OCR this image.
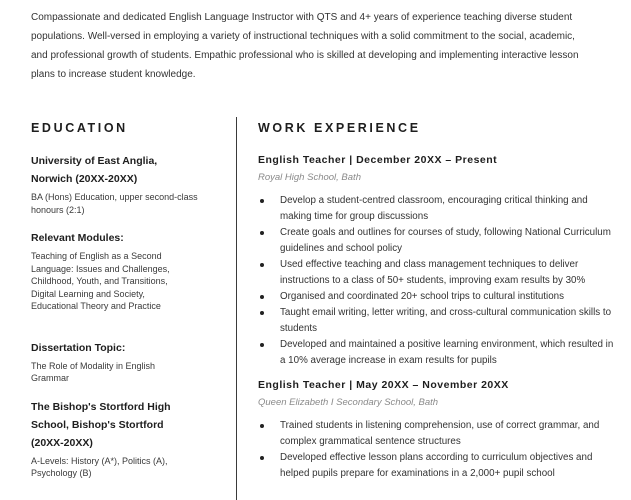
Compassionate and dedicated English Language Instructor with QTS and 4+ years of experience teaching diverse student populations. Well-versed in employing a variety of instructional techniques with a solid commitment to the social, academic, and professional growth of students. Empathic professional who is skilled at developing and implementing interactive lesson plans to increase student knowledge.
EDUCATION
University of East Anglia, Norwich (20XX-20XX)
BA (Hons) Education, upper second-class honours (2:1)
Relevant Modules:
Teaching of English as a Second Language: Issues and Challenges, Childhood, Youth, and Transitions, Digital Learning and Society, Educational Theory and Practice
Dissertation Topic:
The Role of Modality in English Grammar
The Bishop's Stortford High School, Bishop's Stortford (20XX-20XX)
A-Levels: History (A*), Politics (A), Psychology (B)
WORK EXPERIENCE
English Teacher | December 20XX – Present
Royal High School, Bath
Develop a student-centred classroom, encouraging critical thinking and making time for group discussions
Create goals and outlines for courses of study, following National Curriculum guidelines and school policy
Used effective teaching and class management techniques to deliver instructions to a class of 50+ students, improving exam results by 30%
Organised and coordinated 20+ school trips to cultural institutions
Taught email writing, letter writing, and cross-cultural communication skills to students
Developed and maintained a positive learning environment, which resulted in a 10% average increase in exam results for pupils
English Teacher | May 20XX – November 20XX
Queen Elizabeth I Secondary School, Bath
Trained students in listening comprehension, use of correct grammar, and complex grammatical sentence structures
Developed effective lesson plans according to curriculum objectives and helped pupils prepare for examinations in a 2,000+ pupil school
